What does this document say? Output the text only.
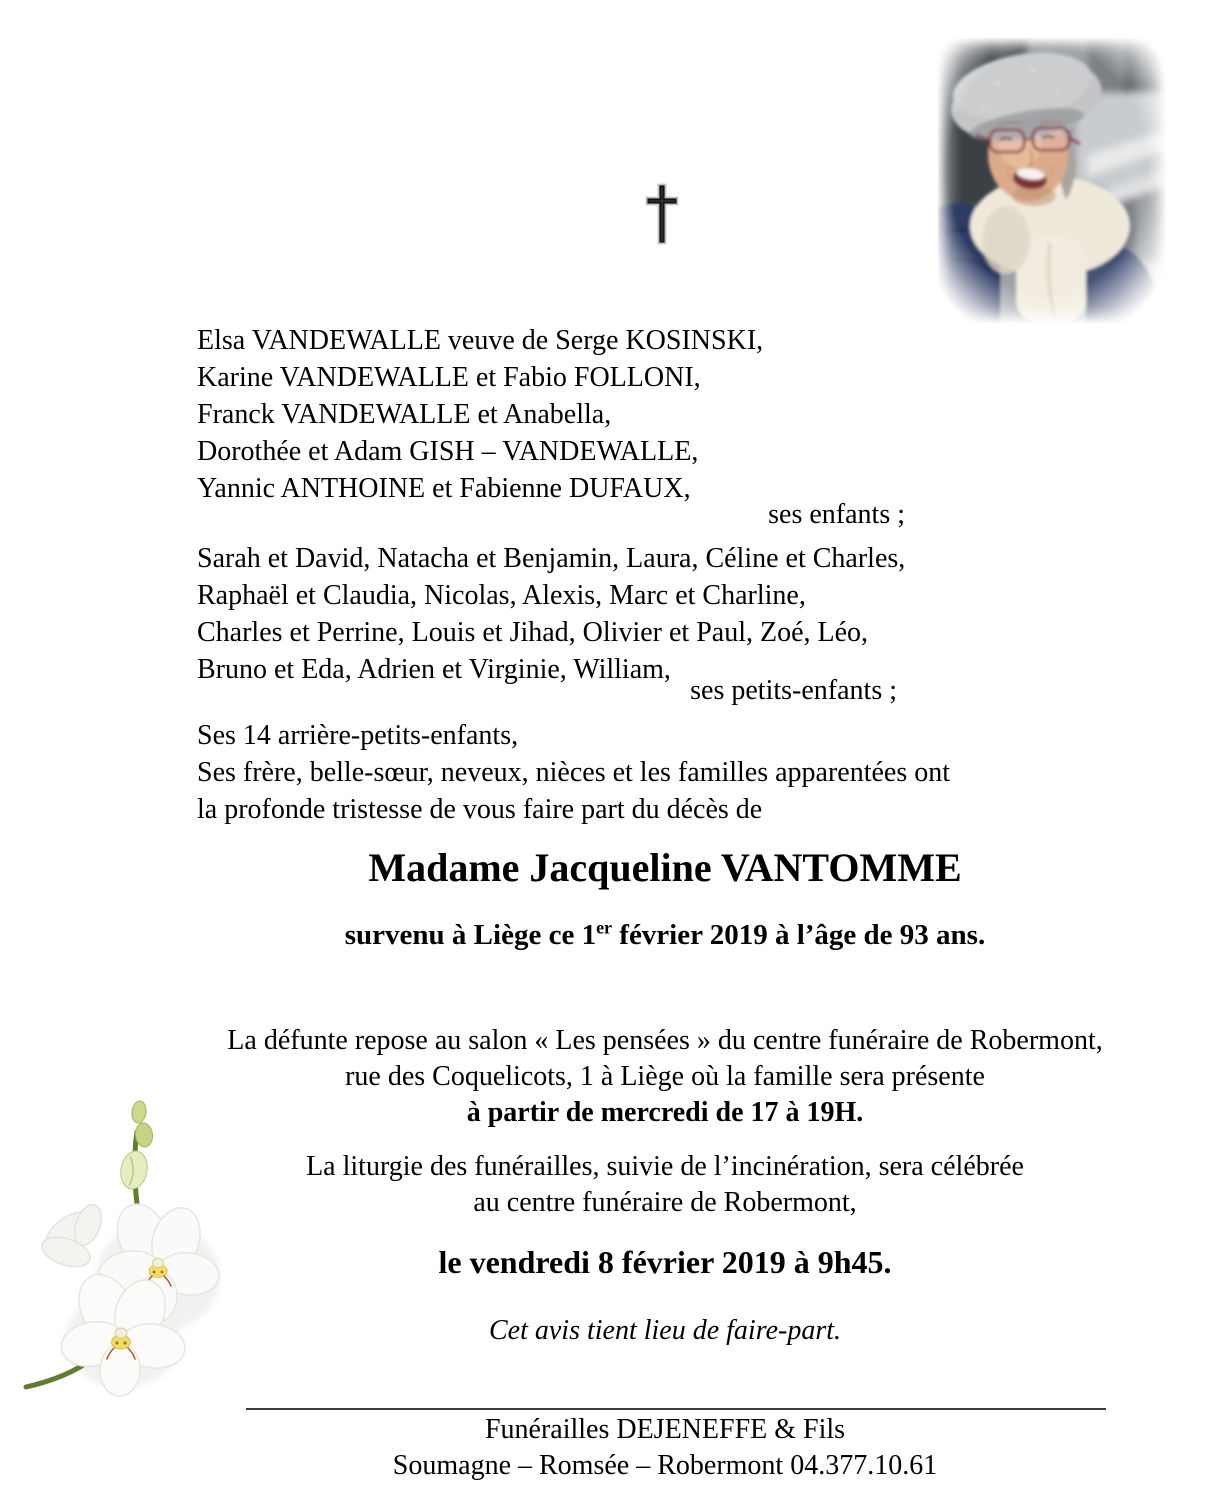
Elsa VANDEWALLE veuve de Serge KOSINSKI,
Karine VANDEWALLE et Fabio FOLLONI,
Franck VANDEWALLE et Anabella,
Dorothée et Adam GISH – VANDEWALLE,
Yannic ANTHOINE et Fabienne DUFAUX,
ses enfants ;
Sarah et David, Natacha et Benjamin, Laura, Céline et Charles,
Raphaël et Claudia, Nicolas, Alexis, Marc et Charline,
Charles et Perrine, Louis et Jihad, Olivier et Paul, Zoé, Léo,
Bruno et Eda, Adrien et Virginie, William,
ses petits-enfants ;
Ses 14 arrière-petits-enfants,
Ses frère, belle-sœur, neveux, nièces et les familles apparentées ont
la profonde tristesse de vous faire part du décès de
Madame Jacqueline VANTOMME
survenu à Liège ce 1er février 2019 à l’âge de 93 ans.
La défunte repose au salon « Les pensées » du centre funéraire de Robermont,
rue des Coquelicots, 1 à Liège où la famille sera présente
à partir de mercredi de 17 à 19H.
La liturgie des funérailles, suivie de l’incinération, sera célébrée
au centre funéraire de Robermont,
le vendredi 8 février 2019 à 9h45.
Cet avis tient lieu de faire-part.
Funérailles DEJENEFFE & Fils
Soumagne – Romsée – Robermont 04.377.10.61
